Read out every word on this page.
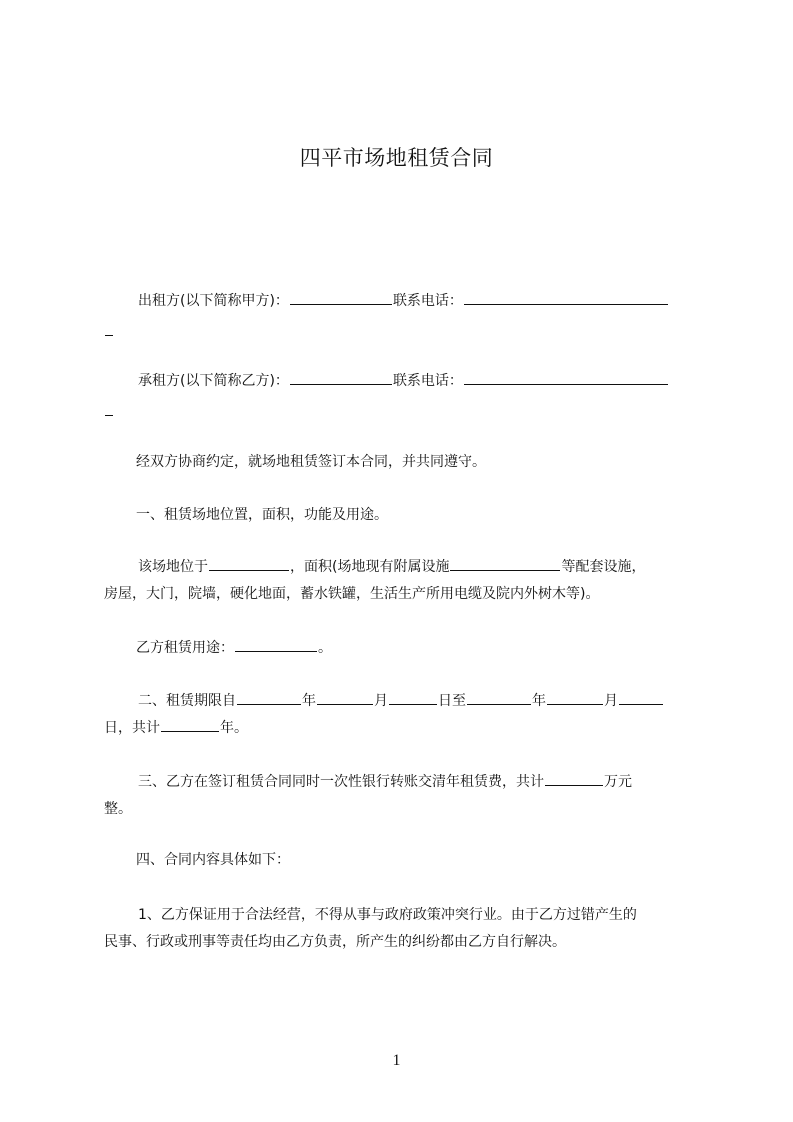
四平市场地租赁合同

出租方(以下简称甲方)：	联系电话：

承租方(以下简称乙方)：	联系电话：

经双方协商约定，就场地租赁签订本合同，并共同遵守。

一、租赁场地位置，面积，功能及用途。

该场地位于	，面积(场地现有附属设施	等配套设施，

房屋，大门，院墙，硬化地面，蓄水铁罐，生活生产所用电缆及院内外树木等)。

乙方租赁用途：	。

二、租赁期限自	年	月	日至	年	月

日，共计	年。

三、乙方在签订租赁合同同时一次性银行转账交清年租赁费，共计	万元

整。

四、合同内容具体如下：

1、乙方保证用于合法经营，不得从事与政府政策冲突行业。由于乙方过错产生的

民事、行政或刑事等责任均由乙方负责，所产生的纠纷都由乙方自行解决。

1
